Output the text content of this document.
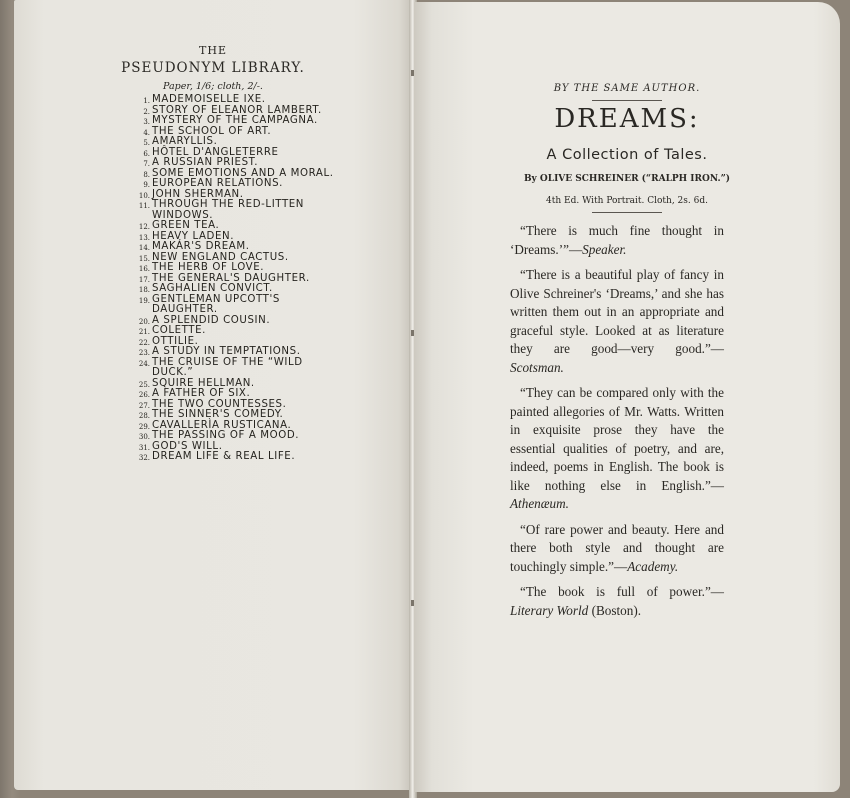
THE
PSEUDONYM LIBRARY.
Paper, 1/6; cloth, 2/-.
1. MADEMOISELLE IXE.
2. STORY OF ELEANOR LAMBERT.
3. MYSTERY OF THE CAMPAGNA.
4. THE SCHOOL OF ART.
5. AMARYLLIS.
6. HÔTEL D'ANGLETERRE
7. A RUSSIAN PRIEST.
8. SOME EMOTIONS AND A MORAL.
9. EUROPEAN RELATIONS.
10. JOHN SHERMAN.
11. THROUGH THE RED-LITTEN WINDOWS.
12. GREEN TEA.
13. HEAVY LADEN.
14. MAKÁR'S DREAM.
15. NEW ENGLAND CACTUS.
16. THE HERB OF LOVE.
17. THE GENERAL'S DAUGHTER.
18. SAGHALIEN CONVICT.
19. GENTLEMAN UPCOTT'S DAUGHTER.
20. A SPLENDID COUSIN.
21. COLETTE.
22. OTTILIE.
23. A STUDY IN TEMPTATIONS.
24. THE CRUISE OF THE “WILD DUCK.”
25. SQUIRE HELLMAN.
26. A FATHER OF SIX.
27. THE TWO COUNTESSES.
28. THE SINNER'S COMEDY.
29. CAVALLERÌA RUSTICANA.
30. THE PASSING OF A MOOD.
31. GOD'S WILL.
32. DREAM LIFE & REAL LIFE.
BY THE SAME AUTHOR.
DREAMS:
A Collection of Tales.
By OLIVE SCHREINER (“RALPH IRON.”)
4th Ed. With Portrait. Cloth, 2s. 6d.

“There is much fine thought in ‘Dreams.’”—Speaker.

“There is a beautiful play of fancy in Olive Schreiner's ‘Dreams,’ and she has written them out in an appropriate and graceful style. Looked at as literature they are good—very good.”—Scotsman.

“They can be compared only with the painted allegories of Mr. Watts. Written in exquisite prose they have the essential qualities of poetry, and are, indeed, poems in English. The book is like nothing else in English.”—Athenæum.

“Of rare power and beauty. Here and there both style and thought are touchingly simple.”—Academy.

“The book is full of power.”—Literary World (Boston).
